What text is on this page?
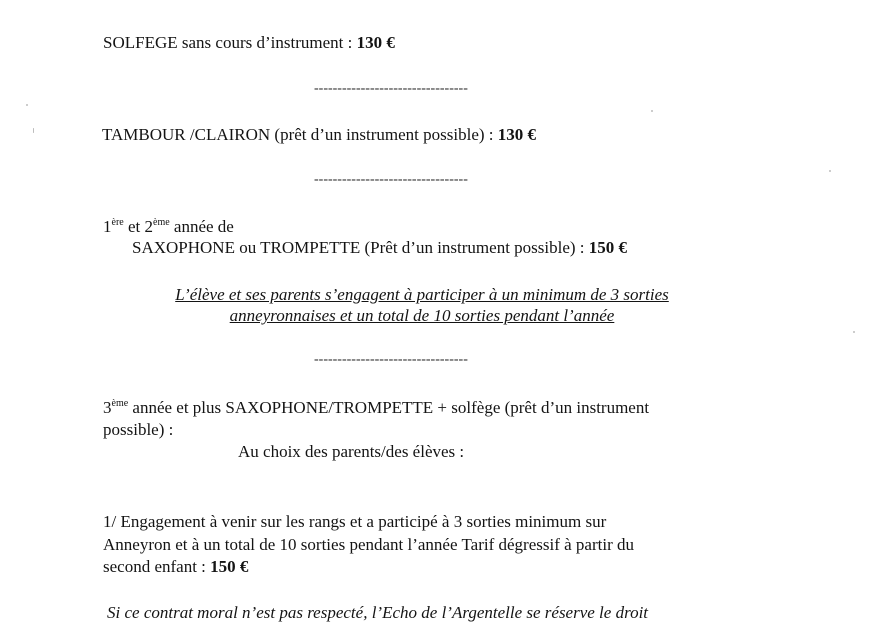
SOLFEGE sans cours d’instrument : 130 €
---------------------------------
TAMBOUR /CLAIRON (prêt d’un instrument possible) : 130 €
---------------------------------
1ère et 2ème année de
SAXOPHONE ou TROMPETTE (Prêt d’un instrument possible) : 150 €
L’élève et ses parents s’engagent à participer à un minimum de 3 sorties
anneyronnaises et un total de 10 sorties pendant l’année
---------------------------------
3ème année et plus SAXOPHONE/TROMPETTE + solfège (prêt d’un instrument
possible) :
Au choix des parents/des élèves :
1/ Engagement à venir sur les rangs et a participé à 3 sorties minimum sur
Anneyron et à un total de 10 sorties pendant l’année Tarif dégressif à partir du
second enfant : 150 €
Si ce contrat moral n’est pas respecté, l’Echo de l’Argentelle se réserve le droit
